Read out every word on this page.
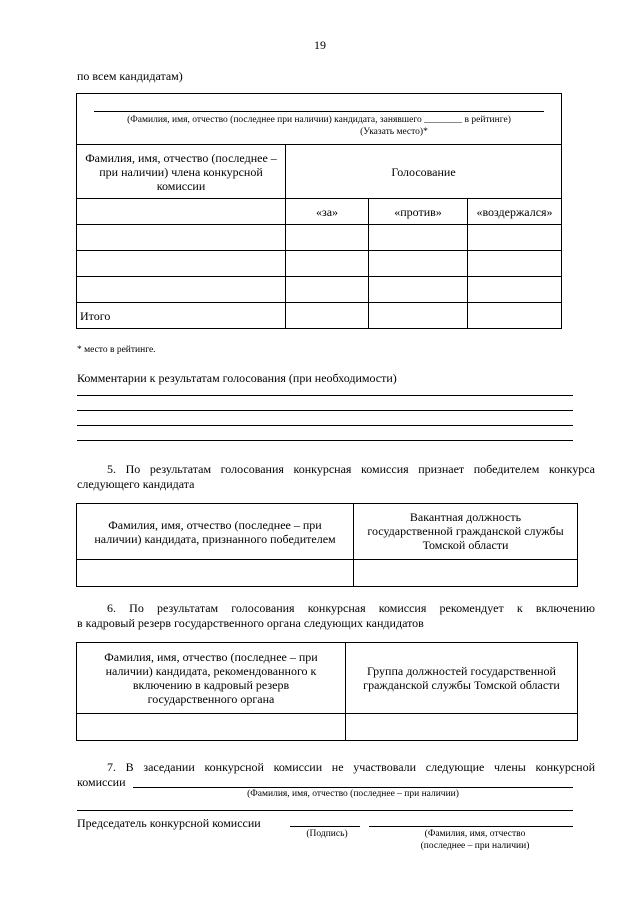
19
по всем кандидатам)
(Фамилия, имя, отчество (последнее при наличии) кандидата, занявшего ________ в рейтинге)
(Указать место)*			

Фамилия, имя, отчество (последнее – при наличии) члена конкурсной комиссии	Голосование		
	«за»	«против»	«воздержался»

Итого			
* место в рейтинге.
Комментарии к результатам голосования (при необходимости)
5. По результатам голосования конкурсная комиссия признает победителем конкурса
следующего кандидата
Фамилия, имя, отчество (последнее – при наличии) кандидата, признанного победителем	Вакантная должность государственной гражданской службы Томской области

6. По результатам голосования конкурсная комиссия рекомендует к включению
в кадровый резерв государственного органа следующих кандидатов
Фамилия, имя, отчество (последнее – при наличии) кандидата, рекомендованного к включению в кадровый резерв государственного органа	Группа должностей государственной гражданской службы Томской области

7. В заседании конкурсной комиссии не участвовали следующие члены конкурсной
комиссии
(Фамилия, имя, отчество (последнее – при наличии)
Председатель конкурсной комиссии
(Подпись)	(Фамилия, имя, отчество
(последнее – при наличии)
